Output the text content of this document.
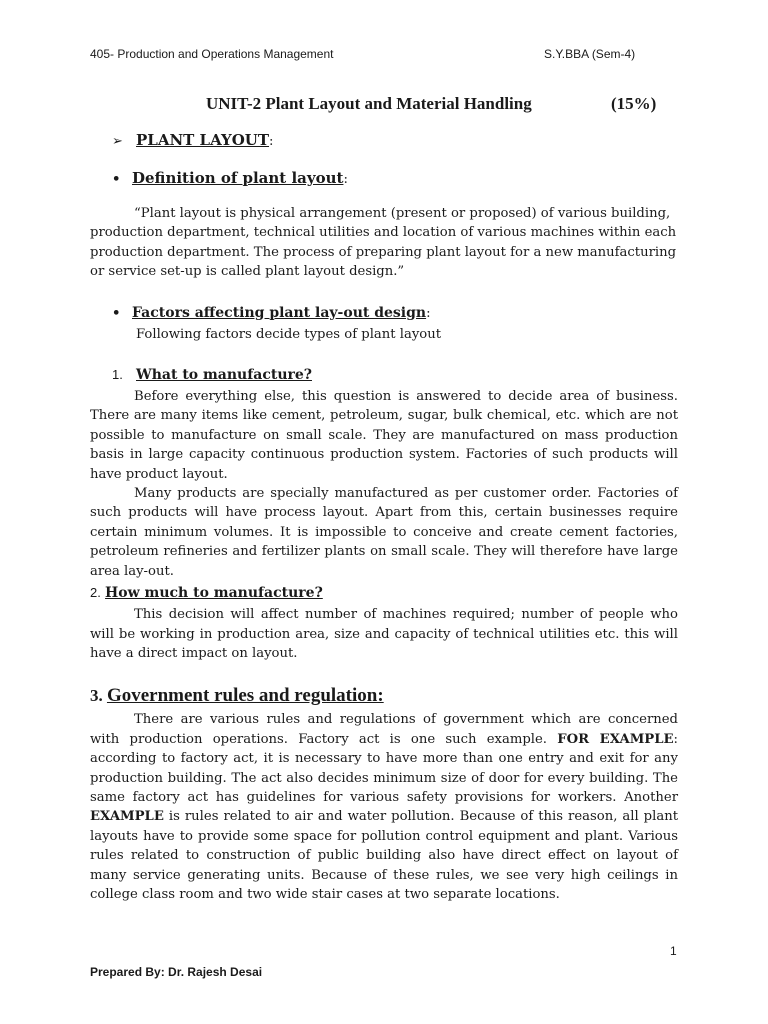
405- Production and Operations Management	S.Y.BBA (Sem-4)
UNIT-2 Plant Layout and Material Handling	(15%)
➢ PLANT LAYOUT:
• Definition of plant layout:

“Plant layout is physical arrangement (present or proposed) of various building, production department, technical utilities and location of various machines within each production department. The process of preparing plant layout for a new manufacturing or service set-up is called plant layout design.”

• Factors affecting plant lay-out design:

Following factors decide types of plant layout

1. What to manufacture?

Before everything else, this question is answered to decide area of business. There are many items like cement, petroleum, sugar, bulk chemical, etc. which are not possible to manufacture on small scale. They are manufactured on mass production basis in large capacity continuous production system. Factories of such products will have product layout.

Many products are specially manufactured as per customer order. Factories of such products will have process layout. Apart from this, certain businesses require certain minimum volumes. It is impossible to conceive and create cement factories, petroleum refineries and fertilizer plants on small scale. They will therefore have large area lay-out.

2. How much to manufacture?

This decision will affect number of machines required; number of people who will be working in production area, size and capacity of technical utilities etc. this will have a direct impact on layout.

3. Government rules and regulation:

There are various rules and regulations of government which are concerned with production operations. Factory act is one such example. FOR EXAMPLE: according to factory act, it is necessary to have more than one entry and exit for any production building. The act also decides minimum size of door for every building. The same factory act has guidelines for various safety provisions for workers. Another EXAMPLE is rules related to air and water pollution. Because of this reason, all plant layouts have to provide some space for pollution control equipment and plant. Various rules related to construction of public building also have direct effect on layout of many service generating units. Because of these rules, we see very high ceilings in college class room and two wide stair cases at two separate locations.

1
Prepared By: Dr. Rajesh Desai
